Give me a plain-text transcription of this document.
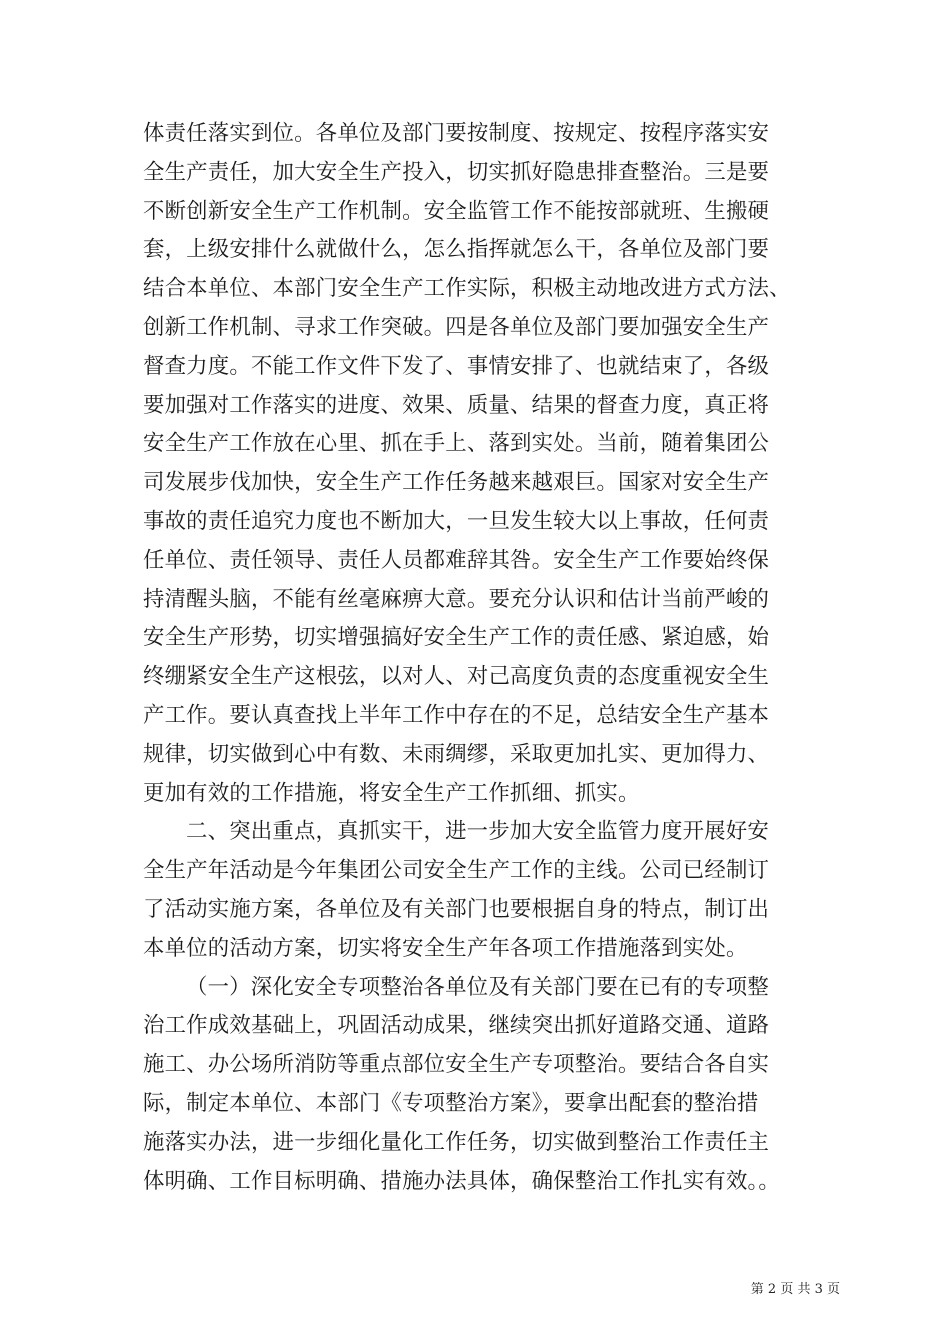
体责任落实到位。各单位及部门要按制度、按规定、按程序落实安
全生产责任，加大安全生产投入，切实抓好隐患排查整治。三是要
不断创新安全生产工作机制。安全监管工作不能按部就班、生搬硬
套，上级安排什么就做什么，怎么指挥就怎么干，各单位及部门要
结合本单位、本部门安全生产工作实际，积极主动地改进方式方法、
创新工作机制、寻求工作突破。四是各单位及部门要加强安全生产
督查力度。不能工作文件下发了、事情安排了、也就结束了，各级
要加强对工作落实的进度、效果、质量、结果的督查力度，真正将
安全生产工作放在心里、抓在手上、落到实处。当前，随着集团公
司发展步伐加快，安全生产工作任务越来越艰巨。国家对安全生产
事故的责任追究力度也不断加大，一旦发生较大以上事故，任何责
任单位、责任领导、责任人员都难辞其咎。安全生产工作要始终保
持清醒头脑，不能有丝毫麻痹大意。要充分认识和估计当前严峻的
安全生产形势，切实增强搞好安全生产工作的责任感、紧迫感，始
终绷紧安全生产这根弦，以对人、对己高度负责的态度重视安全生
产工作。要认真查找上半年工作中存在的不足，总结安全生产基本
规律，切实做到心中有数、未雨绸缪，采取更加扎实、更加得力、
更加有效的工作措施，将安全生产工作抓细、抓实。
二、突出重点，真抓实干，进一步加大安全监管力度开展好安
全生产年活动是今年集团公司安全生产工作的主线。公司已经制订
了活动实施方案，各单位及有关部门也要根据自身的特点，制订出
本单位的活动方案，切实将安全生产年各项工作措施落到实处。
（一）深化安全专项整治各单位及有关部门要在已有的专项整
治工作成效基础上，巩固活动成果，继续突出抓好道路交通、道路
施工、办公场所消防等重点部位安全生产专项整治。要结合各自实
际，制定本单位、本部门《专项整治方案》，要拿出配套的整治措
施落实办法，进一步细化量化工作任务，切实做到整治工作责任主
体明确、工作目标明确、措施办法具体，确保整治工作扎实有效。。
第 2 页 共 3 页
